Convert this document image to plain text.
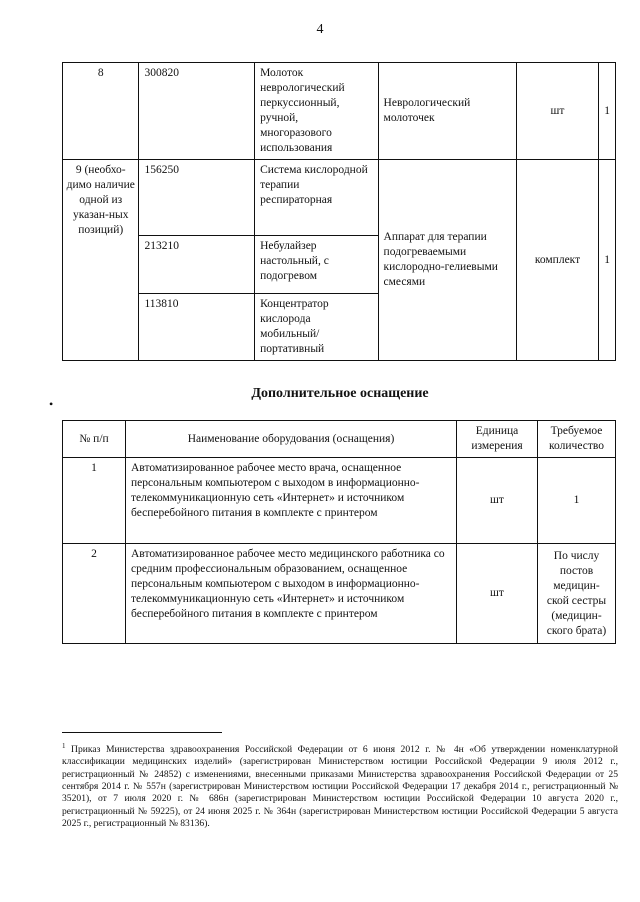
4
8	300820	Молоток неврологический перкуссионный, ручной, многоразового использования	Неврологический молоточек	шт	1
9 (необхо-димо наличие одной из указан-ных позиций)	156250	Система кислородной терапии респираторная	Аппарат для терапии подогреваемыми кислородно-гелиевыми смесями	комплект	1
	213210	Небулайзер настольный, с подогревом			
	113810	Концентратор кислорода мобильный/ портативный			
•
Дополнительное оснащение
№ п/п	Наименование оборудования (оснащения)	Единица измерения	Требуемое количество
1	Автоматизированное рабочее место врача, оснащенное персональным компьютером с выходом в информационно-телекоммуникационную сеть «Интернет» и источником бесперебойного питания в комплекте с принтером	шт	1
2	Автоматизированное рабочее место медицинского работника со средним профессиональным образованием, оснащенное персональным компьютером с выходом в информационно-телекоммуникационную сеть «Интернет» и источником бесперебойного питания в комплекте с принтером	шт	По числу постов медицин-ской сестры (медицин-ского брата)
$^1$ Приказ Министерства здравоохранения Российской Федерации от 6 июня 2012 г. № 4н «Об утверждении номенклатурной классификации медицинских изделий» (зарегистрирован Министерством юстиции Российской Федерации 9 июля 2012 г., регистрационный № 24852) с изменениями, внесенными приказами Министерства здравоохранения Российской Федерации от 25 сентября 2014 г. № 557н (зарегистрирован Министерством юстиции Российской Федерации 17 декабря 2014 г., регистрационный № 35201), от 7 июля 2020 г. № 686н (зарегистрирован Министерством юстиции Российской Федерации 10 августа 2020 г., регистрационный № 59225), от 24 июня 2025 г. № 364н (зарегистрирован Министерством юстиции Российской Федерации 5 августа 2025 г., регистрационный № 83136).
